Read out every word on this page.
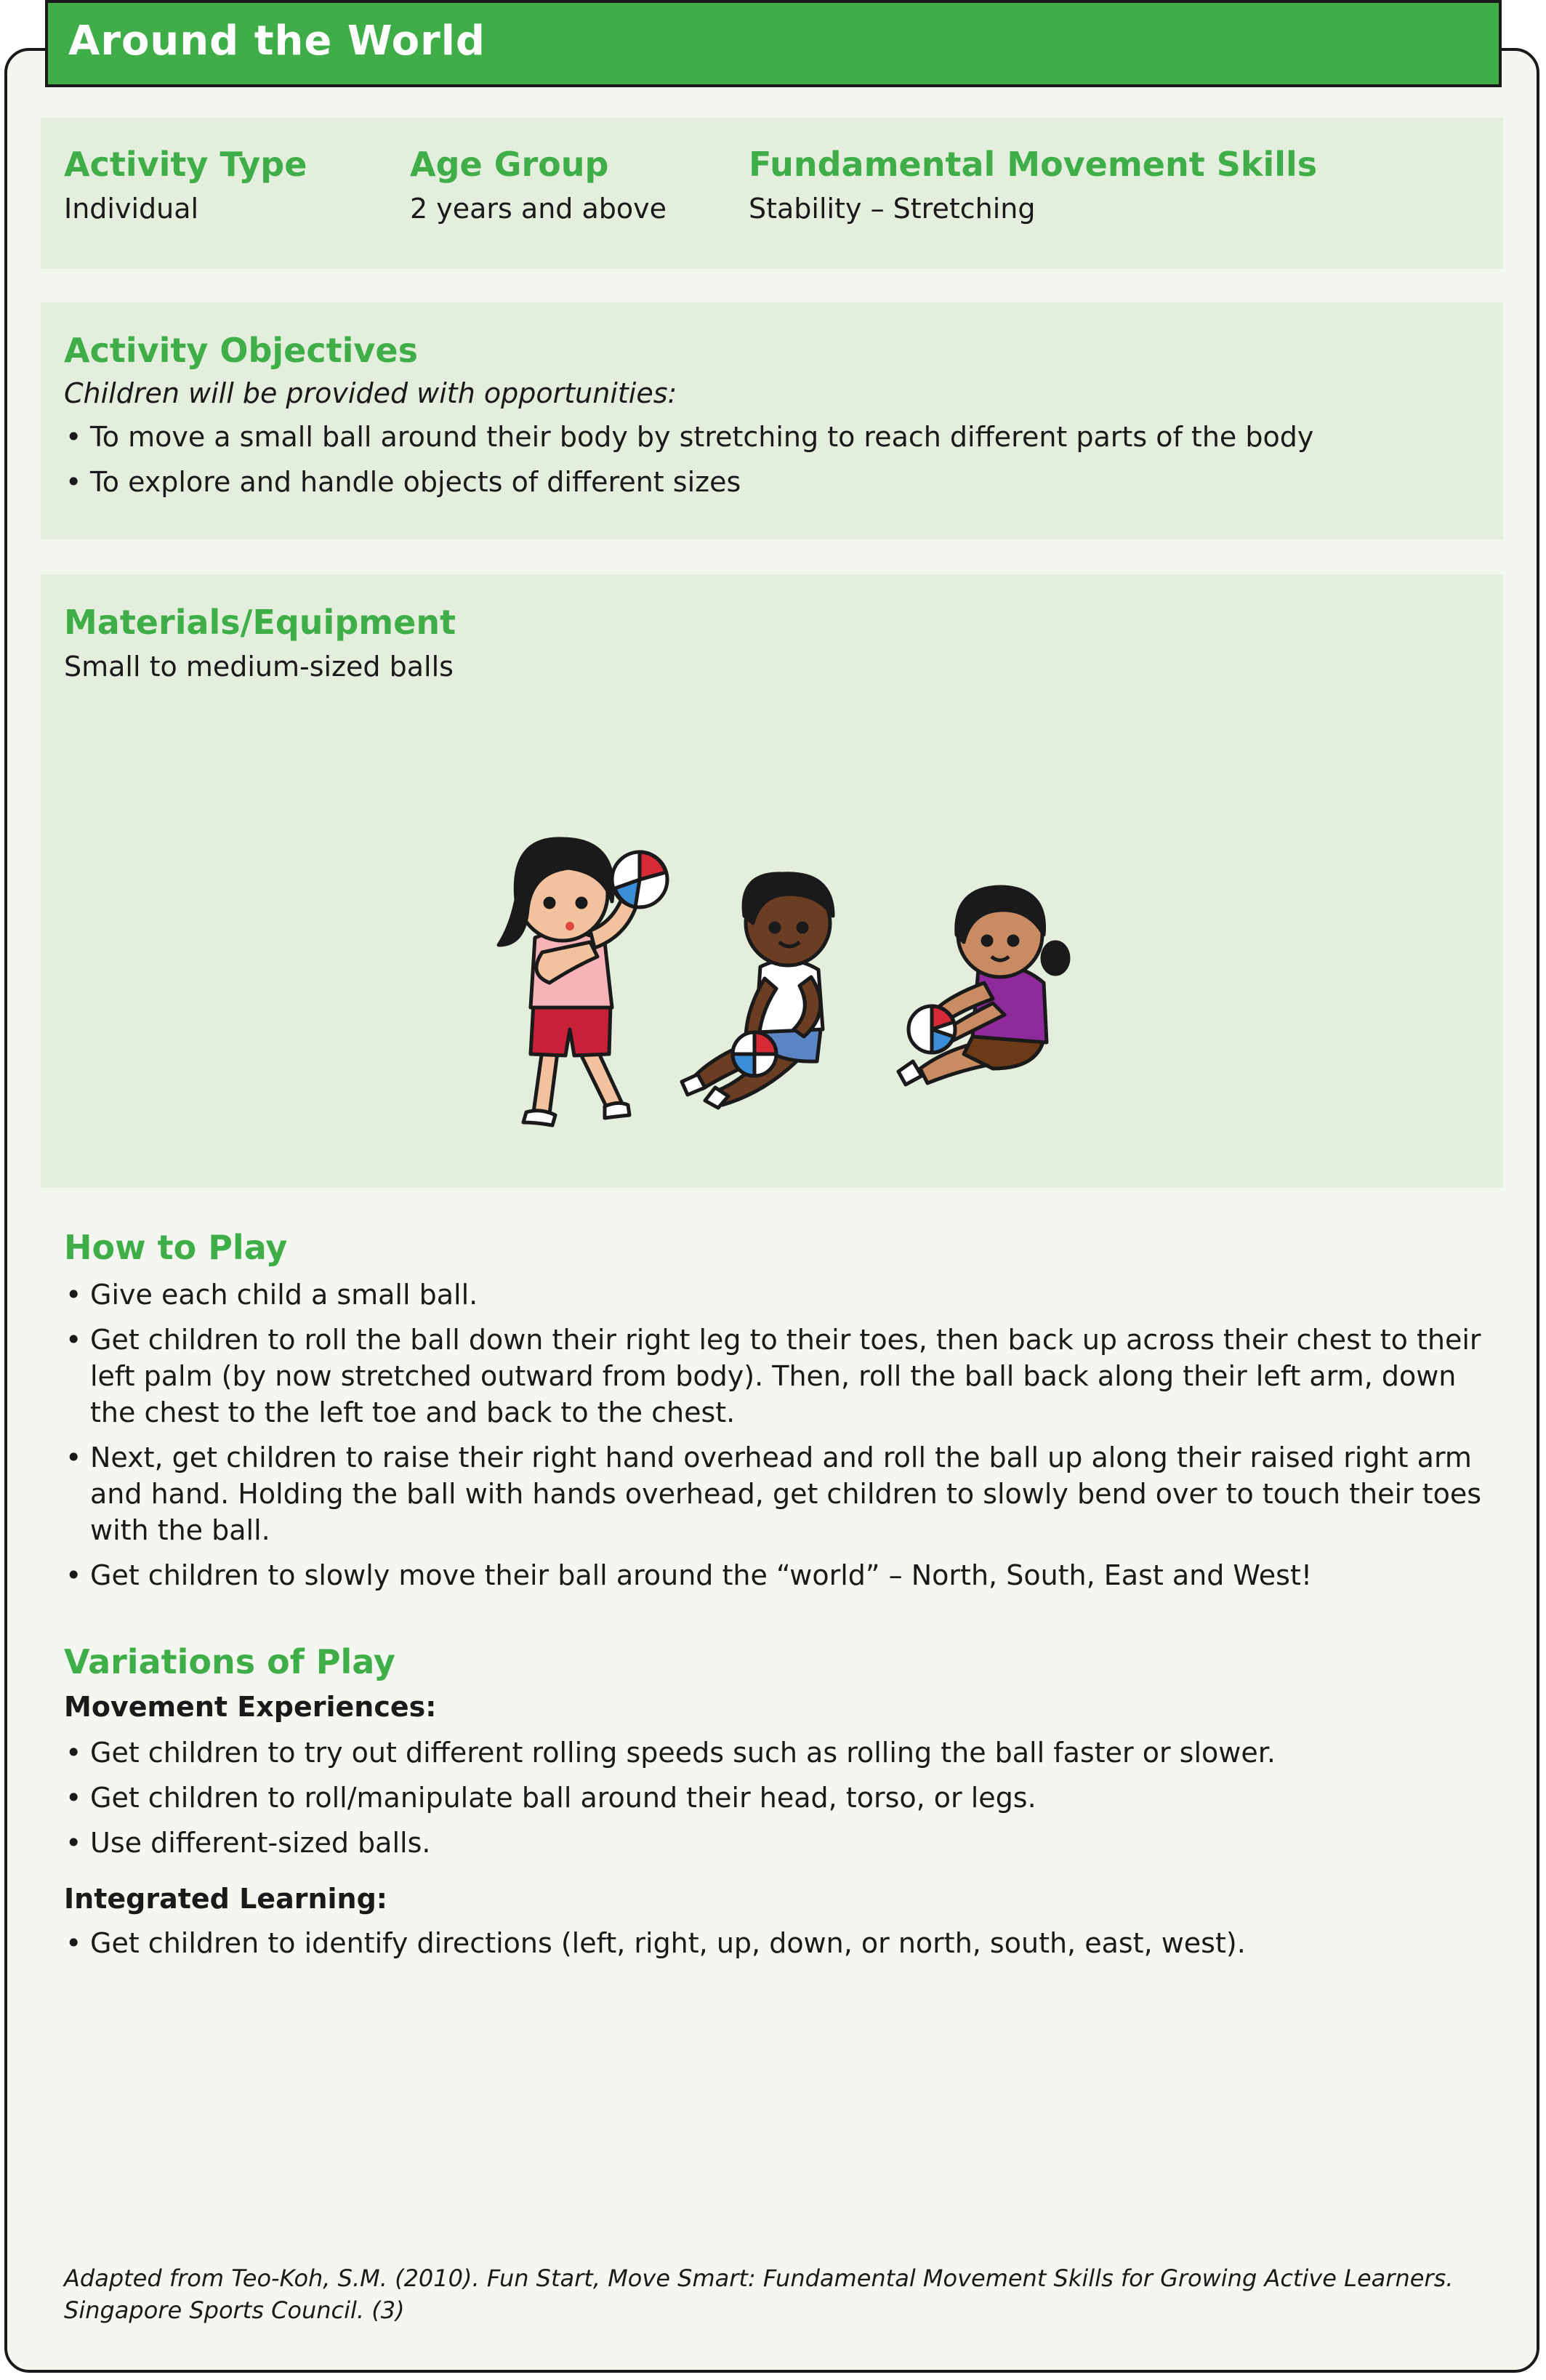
Around the World
Activity Type
Individual
Age Group
2 years and above
Fundamental Movement Skills
Stability – Stretching
Activity Objectives
Children will be provided with opportunities:
• To move a small ball around their body by stretching to reach different parts of the body
• To explore and handle objects of different sizes
Materials/Equipment
Small to medium-sized balls
How to Play
• Give each child a small ball.
• Get children to roll the ball down their right leg to their toes, then back up across their chest to their left palm (by now stretched outward from body). Then, roll the ball back along their left arm, down the chest to the left toe and back to the chest.
• Next, get children to raise their right hand overhead and roll the ball up along their raised right arm and hand. Holding the ball with hands overhead, get children to slowly bend over to touch their toes with the ball.
• Get children to slowly move their ball around the “world” – North, South, East and West!
Variations of Play
Movement Experiences:
• Get children to try out different rolling speeds such as rolling the ball faster or slower.
• Get children to roll/manipulate ball around their head, torso, or legs.
• Use different-sized balls.
Integrated Learning:
• Get children to identify directions (left, right, up, down, or north, south, east, west).
Adapted from Teo-Koh, S.M. (2010). Fun Start, Move Smart: Fundamental Movement Skills for Growing Active Learners. Singapore Sports Council. (3)
